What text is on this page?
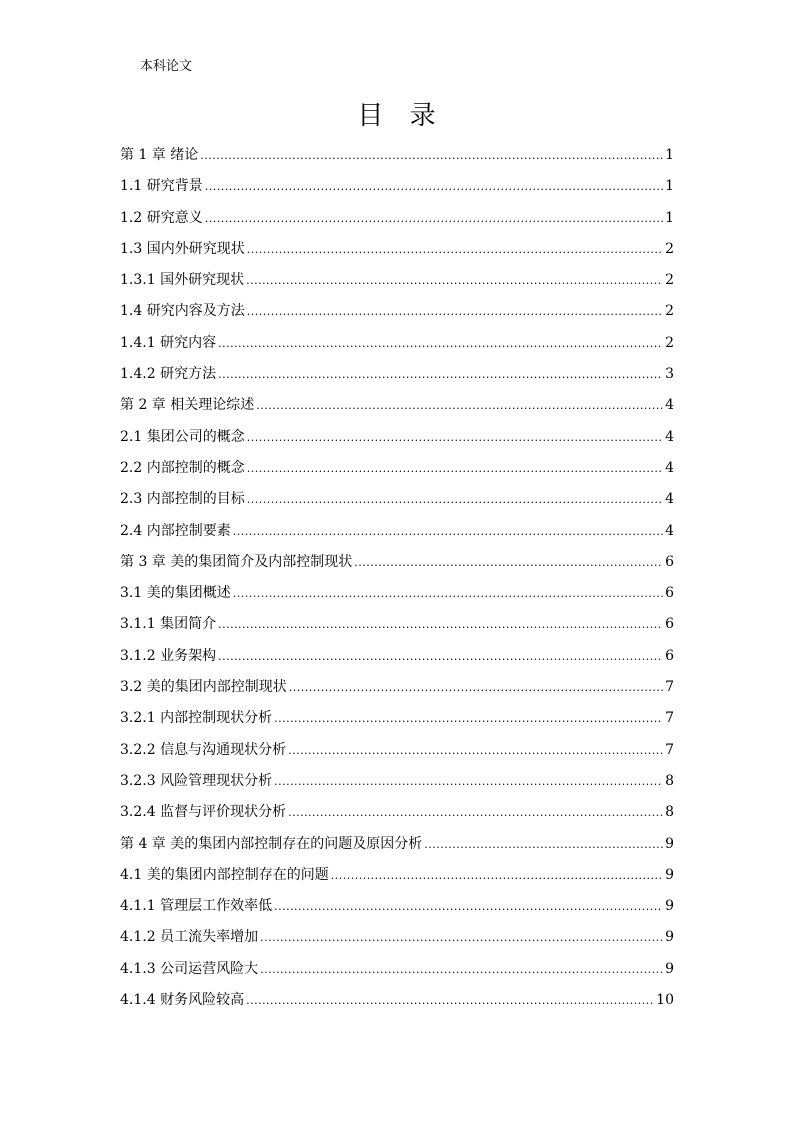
本科论文
目 录
第 1 章 绪论 .....	1
1.1 研究背景 .....	1
1.2 研究意义 .....	1
1.3 国内外研究现状 .....	2
1.3.1 国外研究现状 .....	2
1.4 研究内容及方法 .....	2
1.4.1 研究内容 .....	2
1.4.2 研究方法 .....	3
第 2 章 相关理论综述 .....	4
2.1 集团公司的概念 .....	4
2.2 内部控制的概念 .....	4
2.3 内部控制的目标 .....	4
2.4 内部控制要素 .....	4
第 3 章 美的集团简介及内部控制现状 .....	6
3.1 美的集团概述 .....	6
3.1.1 集团简介 .....	6
3.1.2 业务架构 .....	6
3.2 美的集团内部控制现状 .....	7
3.2.1 内部控制现状分析 .....	7
3.2.2 信息与沟通现状分析 .....	7
3.2.3 风险管理现状分析 .....	8
3.2.4 监督与评价现状分析 .....	8
第 4 章 美的集团内部控制存在的问题及原因分析 .....	9
4.1 美的集团内部控制存在的问题 .....	9
4.1.1 管理层工作效率低 .....	9
4.1.2 员工流失率增加 .....	9
4.1.3 公司运营风险大 .....	9
4.1.4 财务风险较高 .....	10
